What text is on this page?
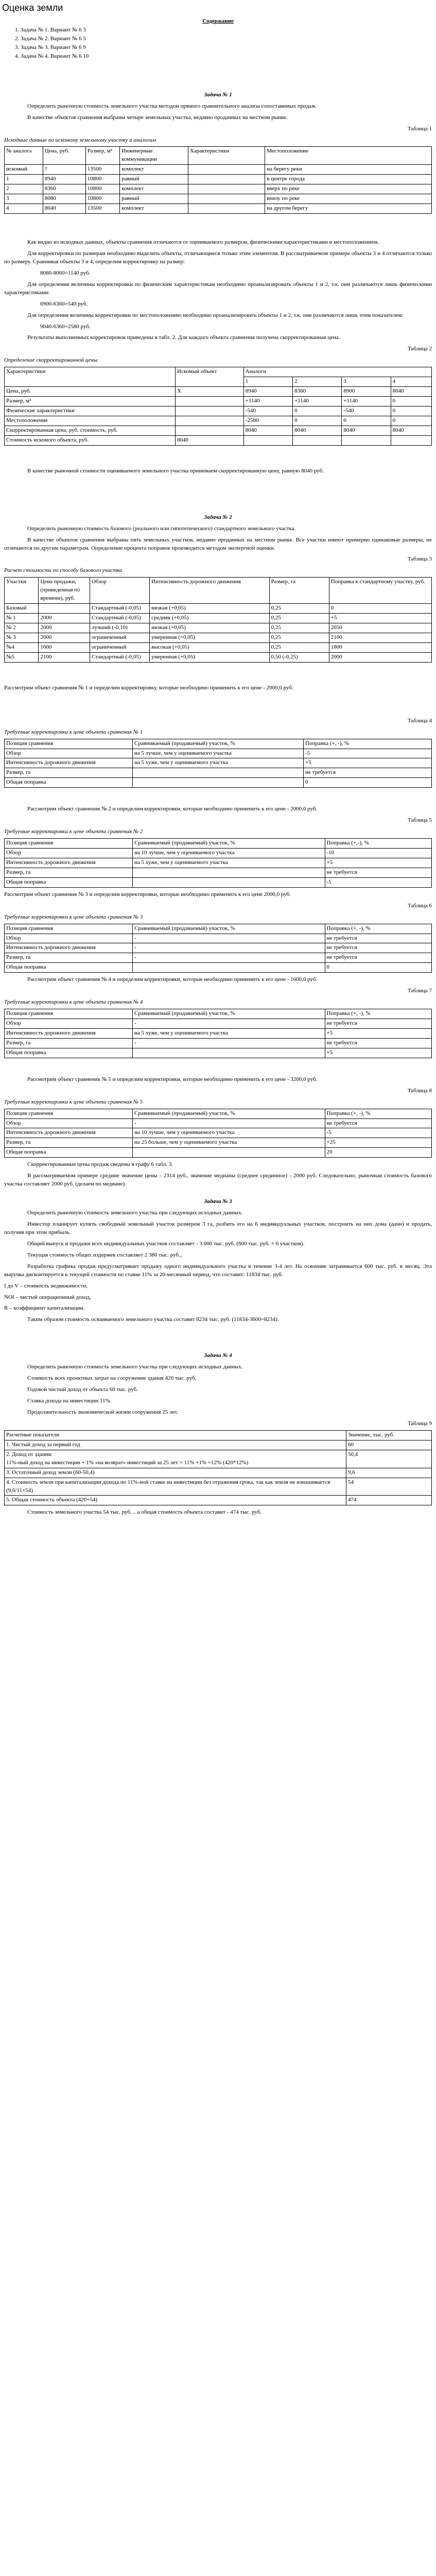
Оценка земли
Содержание
1. Задача № 1. Вариант № 6 3
2. Задача № 2. Вариант № 6 5
3. Задача № 3. Вариант № 6 9
4. Задача № 4. Вариант № 6 10
Задача № 1

Определить рыночную стоимость земельного участка методом прямого сравнительного анализа сопоставимых продаж.

В качестве объектов сравнения выбраны четыре земельных участка, недавно проданных на местном рынке.

Таблица 1
Исходные данные по искомому земельному участку и аналогам
№ аналога	Цена, руб.	Размер, м²	Инженерные коммуникации	Характеристики	Местоположение
искомый	?	13500	комплект		на берегу реки
1	8940	10800	равный		в центре города
2	8360	10800	комплект		вверх по реке
3	8080	10800	равный		внизу по реке
4	8040	13500	комплект		на другом берегу

Как видно из исходных данных, объекты сравнения отличаются от оцениваемого размером, физическими характеристиками и местоположением.

Для корректировки по размерам необходимо выделить объекты, отличающиеся только этим элементом. В рассматриваемом примере объекты 3 и 4 отличаются только по размеру. Сравнивая объекты 3 и 4, определим корректировку на размер:

8080-8060=1140 руб.

Для определения величины корректировки по физическим характеристикам необходимо проанализировать объекты 1 и 2, т.к. они различаются лишь физическими характеристиками:

6900-6360=540 руб.

Для определения величины корректировки по местоположению необходимо проанализировать объекты 1 и 2, т.к. они различаются лишь этим показателем:

9040-6360=2580 руб.

Результаты выполненных корректировок приведены в табл. 2. Для каждого объекта сравнения получена скорректированная цена.

Таблица 2
Определение скорректированной цены
Характеристики	Искомый объект	Аналоги			
		1	2	3	4
Цена, руб.	Х	8940	8360	8900	8040
Размер, м²		+1140	+1140	+1140	0
Физические характеристики		-540	0	-540	0
Местоположение		-2580	0	0	0
Скорректированная цена, руб. стоимость, руб.		8040	8040	8040	8040
Стоимость искомого объекта, руб.	8040				

В качестве рыночной стоимости оцениваемого земельного участка принимаем скорректированную цену, равную 8040 руб.

Задача № 2

Определить рыночную стоимость базового (реального или гипотетического) стандартного земельного участка.

В качестве объектов сравнения выбраны пять земельных участков, недавно проданных на местном рынке. Все участки имеют примерно одинаковые размеры, не отличаются по другим параметрам. Определение процента поправок производится методом экспертной оценки.

Таблица 3
Расчет стоимости по способу базового участка
Участки	Цена продажи, (приведенная по времени), руб.	Обзор	Интенсивность дорожного движения	Размер, га	Поправка к стандартному участку, руб.
Базовый		Стандартный (-0,05)	низкая (+0,05)	0,25	0
№ 1	2000	Стандартный (-0,05)	средняя (+0,05)	0,25	+5
№ 2	2000	лучший (-0,10)	низкая (+0,05)	0,25	2050
№ 3	2000	ограниченный	умеренная (+0,05)	0,25	2100
№4	1600	ограниченный	высокая (+0,05)	0,25	1800
№5	2100	Стандартный (-0,05)	умеренная (+0,05)	0,50 (-0,25)	2000

Рассмотрим объект сравнения № 1 и определим корректировку, которые необходимо применить к его цене - 2000,0 руб.

Таблица 4
Требуемые корректировки к цене объекта сравнения № 1
Позиция сравнения	Сравниваемый (продаваемый) участок, %	Поправка (+, -), %
Обзор	на 5 лучше, чем у оцениваемого участка	-5
Интенсивность дорожного движения	на 5 хуже, чем у оцениваемого участка	+5
Размер, га		не требуется
Общая поправка		0

Рассмотрим объект сравнения № 2 и определим корректировки, которые необходимо применить к его цене - 2000,0 руб.

Таблица 5
Требуемые корректировки к цене объекта сравнения № 2
Позиция сравнения	Сравниваемый (продаваемый) участок, %	Поправка (+,-), %
Обзор	на 10 лучше, чем у оцениваемого участка	-10
Интенсивность дорожного движения	на 5 хуже, чем у оцениваемого участка	+5
Размер, га		не требуется
Общая поправка		-5

Рассмотрим объект сравнения № 3 и определим корректировки, которые необходимо применить к его цене 2000,0 руб.

Таблица 6
Требуемые корректировки к цене объекта сравнения № 3
Позиция сравнения	Сравниваемый (продаваемый) участок, %	Поправка (+, -), %
Обзор	-	не требуется
Интенсивность дорожного движения	-	не требуется
Размер, га	-	не требуется
Общая поправка		0

Рассмотрим объект сравнения № 4 и определим корректировки, которые необходимо применить к его цене - 1600,0 руб.

Таблица 7
Требуемые корректировки к цене объекта сравнения № 4
Позиция сравнения	Сравниваемый (продаваемый) участок, %	Поправка (+, -), %
Обзор	-	не требуется
Интенсивность дорожного движения	на 5 хуже, чем у оцениваемого участка	+5
Размер, га	-	не требуется
Общая поправка		+5

Рассмотрим объект сравнения № 5 и определим корректировки, которые необходимо применить к его цене - 3200,0 руб.

Таблица 8
Требуемые корректировки к цене объекта сравнения № 5
Позиция сравнения	Сравниваемый (продаваемый) участок, %	Поправка (+, -), %
Обзор	-	не требуется
Интенсивность дорожного движения	на 10 лучше, чем у оцениваемого участка	-5
Размер, га	на 25 больше, чем у оцениваемого участка	+25
Общая поправка		20

Скорректированные цены продаж сведены в графу 6 табл. 3.

В рассматриваемом примере средние значение цены - 2314 руб., значение медианы (среднее срединное) - 2000 руб. Следовательно, рыночная стоимость базового участка составляет 2000 руб. (делаем по медиане).

Задача № 3

Определить рыночную стоимость земельного участка при следующих исходных данных.

Инвестор планирует купить свободный земельный участок размером 3 га, разбить его на 6 индивидуальных участков, построить на них дома (дачи) и продать, получив при этом прибыль.

Общий выпуск и продажи всех индивидуальных участков составляет - 3 000 тыс. руб. (600 тыс. руб. × 6 участков).

Текущая стоимость общих издержек составляет 2 380 тыс. руб.,

Разработка графика продаж предусматривает продажу одного индивидуального участка в течение 3-4 лет. На освоение затрачивается 600 тыс. руб. в месяц. Эта выручка дисконтируется к текущей стоимости по ставке 11% за 20-месячный период, что составит: 11834 тыс. руб.

I до V – стоимость недвижимости,

NOI – чистый операционный доход,

R – коэффициент капитализации.

Таким образом стоимость осваиваемого земельного участка составит 8234 тыс. руб. (11834-3600=8234).

Задача № 4

Определить рыночную стоимость земельного участка при следующих исходных данных.

Стоимость всех проектных затрат на сооружение здания 420 тыс. руб.

Годовой чистый доход от объекта 60 тыс. руб.

Ставка дохода на инвестиции 11%.

Продолжительность экономической жизни сооружения 25 лет.

Таблица 9
Расчетные показатели	Значение, тыс. руб.
1. Чистый доход за первый год	60
2. Доход от здания:
11%-ный доход на инвестиции + 1% «на возврат» инвестиций за 25 лет = 11% +1% =12% (420*12%)	50,4
3. Остаточный доход земли (60-50,4)	9,6
4. Стоимость земли при капитализации дохода по 11%-ной ставке на инвестиции без отражения срока, так как земля не изнашивается (9,6/11×54)	54
5. Общая стоимость объекта (420+54)	474

Стоимость земельного участка 54 тыс. руб. ...а общая стоимость объекта составит - 474 тыс. руб.
